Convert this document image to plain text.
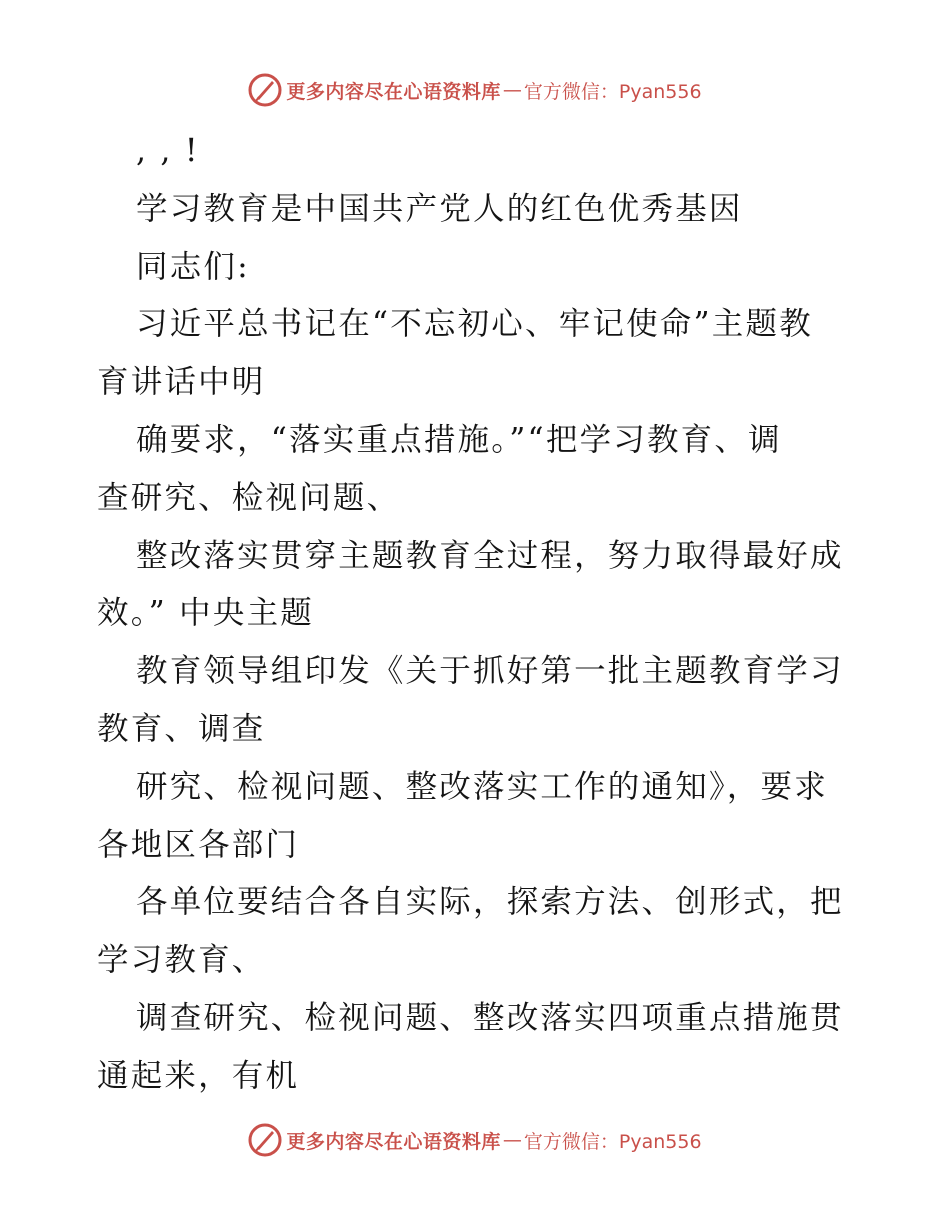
更多内容尽在心语资料库 — 官方微信：Pyan556
, , !
学习教育是中国共产党人的红色优秀基因
同志们:
习近平总书记在“不忘初心、牢记使命”主题教
育讲话中明
确要求，“落实重点措施。”“把学习教育、调
查研究、检视问题、
整改落实贯穿主题教育全过程，努力取得最好成
效。” 中央主题
教育领导组印发《关于抓好第一批主题教育学习
教育、调查
研究、检视问题、整改落实工作的通知》，要求
各地区各部门
各单位要结合各自实际，探索方法、创形式，把
学习教育、
调查研究、检视问题、整改落实四项重点措施贯
通起来，有机
更多内容尽在心语资料库 — 官方微信：Pyan556
